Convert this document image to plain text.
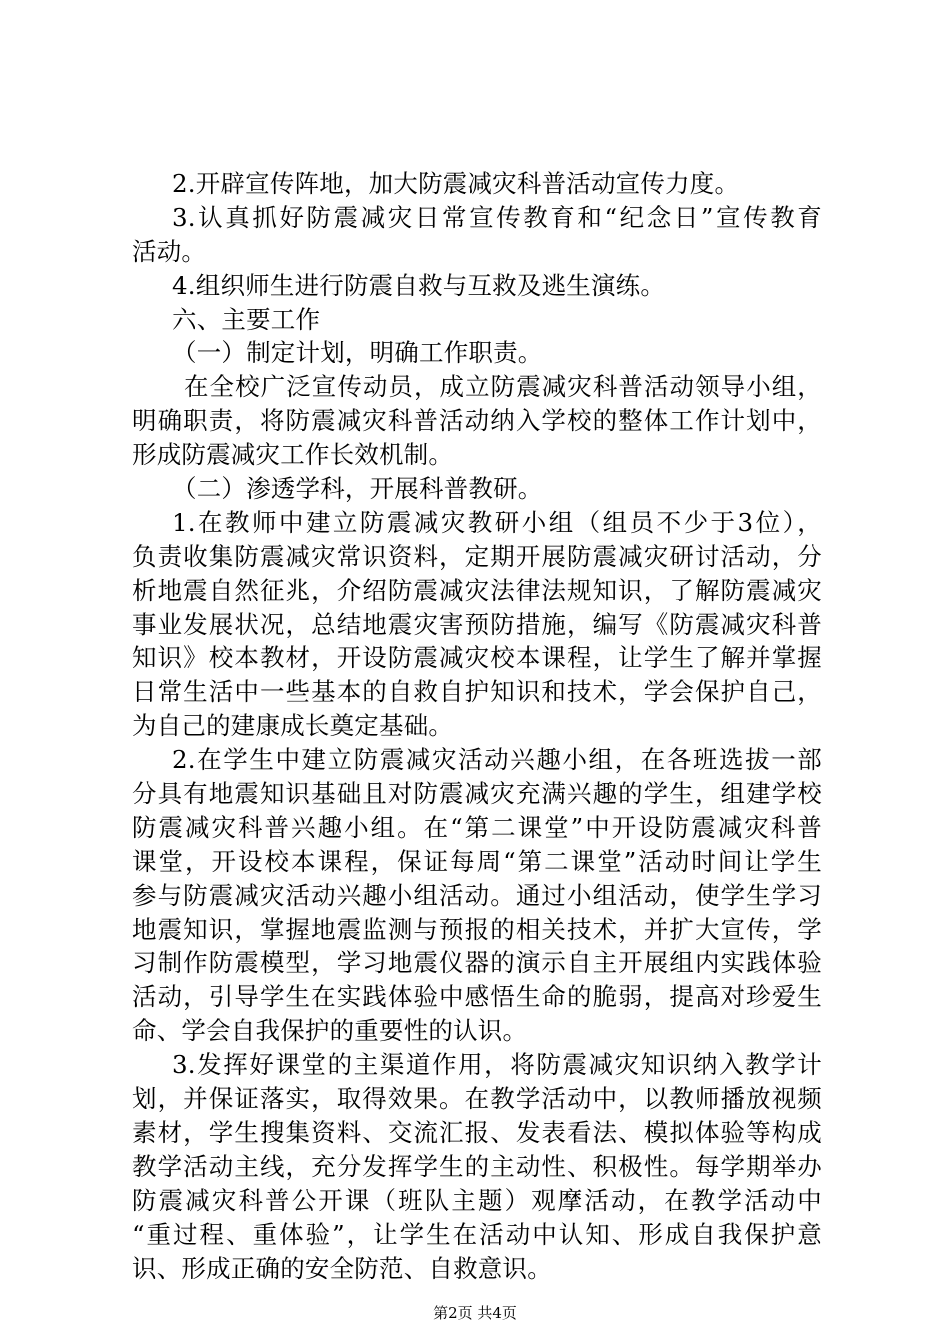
2.开辟宣传阵地，加大防震减灾科普活动宣传力度。
3.认真抓好防震减灾日常宣传教育和“纪念日”宣传教育
活动。
4.组织师生进行防震自救与互救及逃生演练。
六、主要工作
（一）制定计划，明确工作职责。
在全校广泛宣传动员，成立防震减灾科普活动领导小组，
明确职责，将防震减灾科普活动纳入学校的整体工作计划中，
形成防震减灾工作长效机制。
（二）渗透学科，开展科普教研。
1.在教师中建立防震减灾教研小组（组员不少于3位），
负责收集防震减灾常识资料，定期开展防震减灾研讨活动，分
析地震自然征兆，介绍防震减灾法律法规知识，了解防震减灾
事业发展状况，总结地震灾害预防措施，编写《防震减灾科普
知识》校本教材，开设防震减灾校本课程，让学生了解并掌握
日常生活中一些基本的自救自护知识和技术，学会保护自己，
为自己的建康成长奠定基础。
2.在学生中建立防震减灾活动兴趣小组，在各班选拔一部
分具有地震知识基础且对防震减灾充满兴趣的学生，组建学校
防震减灾科普兴趣小组。在“第二课堂”中开设防震减灾科普
课堂，开设校本课程，保证每周“第二课堂”活动时间让学生
参与防震减灾活动兴趣小组活动。通过小组活动，使学生学习
地震知识，掌握地震监测与预报的相关技术，并扩大宣传，学
习制作防震模型，学习地震仪器的演示自主开展组内实践体验
活动，引导学生在实践体验中感悟生命的脆弱，提高对珍爱生
命、学会自我保护的重要性的认识。
3.发挥好课堂的主渠道作用，将防震减灾知识纳入教学计
划，并保证落实，取得效果。在教学活动中，以教师播放视频
素材，学生搜集资料、交流汇报、发表看法、模拟体验等构成
教学活动主线，充分发挥学生的主动性、积极性。每学期举办
防震减灾科普公开课（班队主题）观摩活动，在教学活动中
“重过程、重体验”，让学生在活动中认知、形成自我保护意
识、形成正确的安全防范、自救意识。
第2页 共4页
